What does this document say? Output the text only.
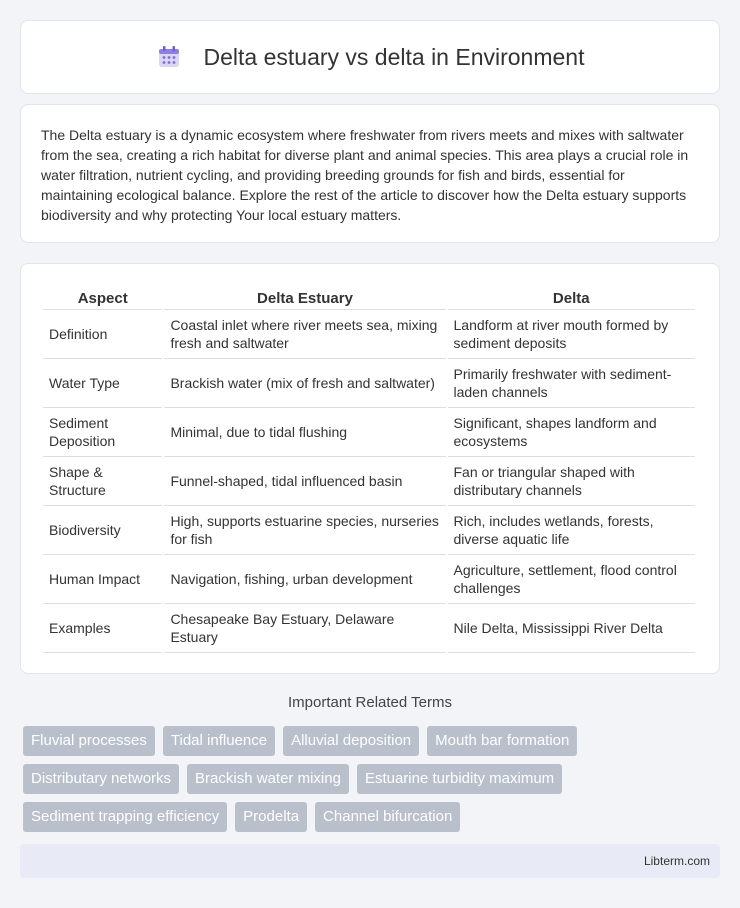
Delta estuary vs delta in Environment

The Delta estuary is a dynamic ecosystem where freshwater from rivers meets and mixes with saltwater from the sea, creating a rich habitat for diverse plant and animal species. This area plays a crucial role in water filtration, nutrient cycling, and providing breeding grounds for fish and birds, essential for maintaining ecological balance. Explore the rest of the article to discover how the Delta estuary supports biodiversity and why protecting Your local estuary matters.

Aspect	Delta Estuary	Delta
Definition	Coastal inlet where river meets sea, mixing fresh and saltwater	Landform at river mouth formed by sediment deposits
Water Type	Brackish water (mix of fresh and saltwater)	Primarily freshwater with sediment-laden channels
Sediment Deposition	Minimal, due to tidal flushing	Significant, shapes landform and ecosystems
Shape & Structure	Funnel-shaped, tidal influenced basin	Fan or triangular shaped with distributary channels
Biodiversity	High, supports estuarine species, nurseries for fish	Rich, includes wetlands, forests, diverse aquatic life
Human Impact	Navigation, fishing, urban development	Agriculture, settlement, flood control challenges
Examples	Chesapeake Bay Estuary, Delaware Estuary	Nile Delta, Mississippi River Delta
Important Related Terms
Fluvial processes	Tidal influence	Alluvial deposition	Mouth bar formation
Distributary networks	Brackish water mixing	Estuarine turbidity maximum
Sediment trapping efficiency	Prodelta	Channel bifurcation
Libterm.com
